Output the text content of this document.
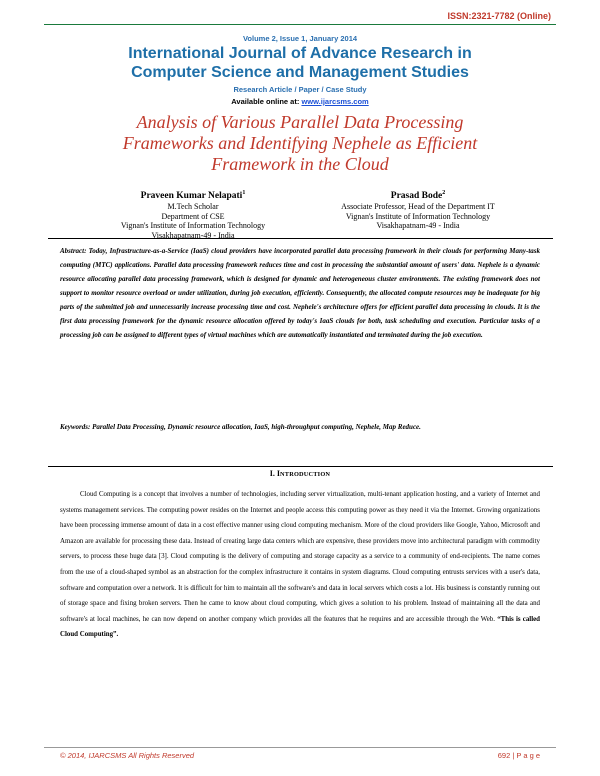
ISSN:2321-7782 (Online)
Volume 2, Issue 1, January 2014
International Journal of Advance Research in
Computer Science and Management Studies
Research Article / Paper / Case Study
Available online at: www.ijarcsms.com
Analysis of Various Parallel Data Processing
Frameworks and Identifying Nephele as Efficient
Framework in the Cloud
Praveen Kumar Nelapati$^1$
M.Tech Scholar
Department of CSE
Vignan's Institute of Information Technology
Visakhapatnam-49 - India
Prasad Bode$^2$
Associate Professor, Head of the Department IT
Vignan's Institute of Information Technology
Visakhapatnam-49 - India

Abstract: Today, Infrastructure-as-a-Service (IaaS) cloud providers have incorporated parallel data processing framework in their clouds for performing Many-task computing (MTC) applications. Parallel data processing framework reduces time and cost in processing the substantial amount of users' data. Nephele is a dynamic resource allocating parallel data processing framework, which is designed for dynamic and heterogeneous cluster environments. The existing framework does not support to monitor resource overload or under utilization, during job execution, efficiently. Consequently, the allocated compute resources may be inadequate for big parts of the submitted job and unnecessarily increase processing time and cost. Nephele's architecture offers for efficient parallel data processing in clouds. It is the first data processing framework for the dynamic resource allocation offered by today's IaaS clouds for both, task scheduling and execution. Particular tasks of a processing job can be assigned to different types of virtual machines which are automatically instantiated and terminated during the job execution.

Keywords: Parallel Data Processing, Dynamic resource allocation, IaaS, high-throughput computing, Nephele, Map Reduce.

I. INTRODUCTION

Cloud Computing is a concept that involves a number of technologies, including server virtualization, multi-tenant application hosting, and a variety of Internet and systems management services. The computing power resides on the Internet and people access this computing power as they need it via the Internet. Growing organizations have been processing immense amount of data in a cost effective manner using cloud computing mechanism. More of the cloud providers like Google, Yahoo, Microsoft and Amazon are available for processing these data. Instead of creating large data centers which are expensive, these providers move into architectural paradigm with commodity servers, to process these huge data [3]. Cloud computing is the delivery of computing and storage capacity as a service to a community of end-recipients. The name comes from the use of a cloud-shaped symbol as an abstraction for the complex infrastructure it contains in system diagrams. Cloud computing entrusts services with a user's data, software and computation over a network. It is difficult for him to maintain all the software's and data in local servers which costs a lot. His business is constantly running out of storage space and fixing broken servers. Then he came to know about cloud computing, which gives a solution to his problem. Instead of maintaining all the data and software's at local machines, he can now depend on another company which provides all the features that he requires and are accessible through the Web. “This is called Cloud Computing”.

© 2014, IJARCSMS All Rights Reserved	692 | P a g e
